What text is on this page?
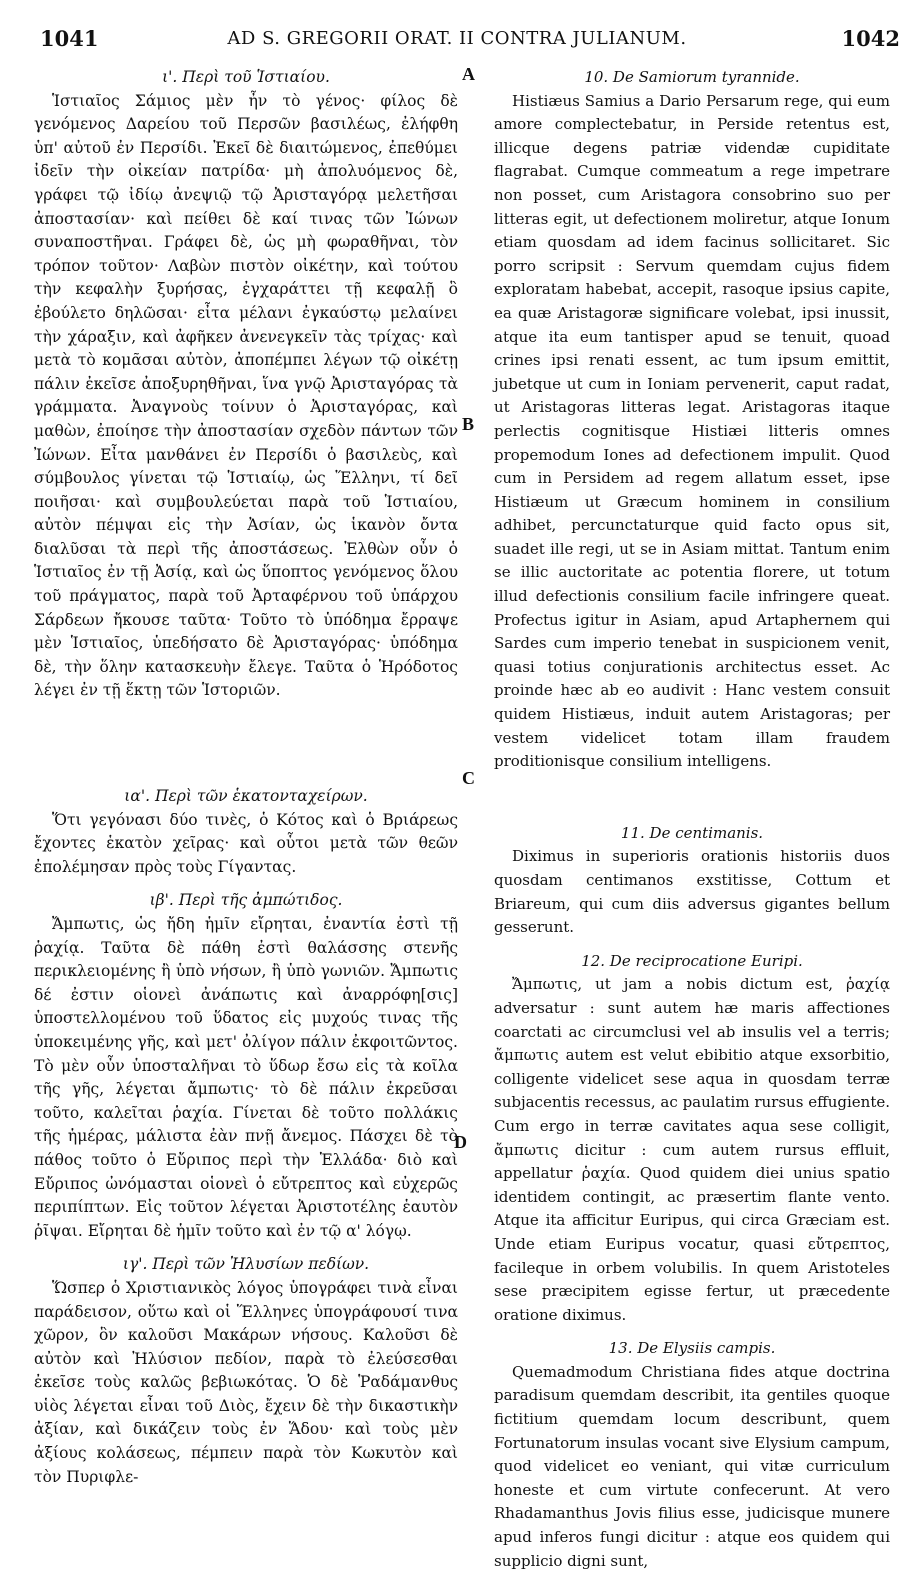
1041	AD S. GREGORII ORAT. II CONTRA JULIANUM.	1042
A
B
C
D
ι'. Περὶ τοῦ Ἱστιαίου.

Ἱστιαῖος Σάμιος μὲν ἦν τὸ γένος· φίλος δὲ γενόμενος Δαρείου τοῦ Περσῶν βασιλέως, ἐλήφθη ὑπ' αὐτοῦ ἐν Περσίδι. Ἐκεῖ δὲ διαιτώμενος, ἐπεθύμει ἰδεῖν τὴν οἰκείαν πατρίδα· μὴ ἀπολυόμενος δὲ, γράφει τῷ ἰδίῳ ἀνεψιῷ τῷ Ἀρισταγόρᾳ μελετῆσαι ἀποστασίαν· καὶ πείθει δὲ καί τινας τῶν Ἰώνων συναποστῆναι. Γράφει δὲ, ὡς μὴ φωραθῆναι, τὸν τρόπον τοῦτον· Λαβὼν πιστὸν οἰκέτην, καὶ τούτου τὴν κεφαλὴν ξυρήσας, ἐγχαράττει τῇ κεφαλῇ ὃ ἐβούλετο δηλῶσαι· εἶτα μέλανι ἐγκαύστῳ μελαίνει τὴν χάραξιν, καὶ ἀφῆκεν ἀνενεγκεῖν τὰς τρίχας· καὶ μετὰ τὸ κομᾶσαι αὐτὸν, ἀποπέμπει λέγων τῷ οἰκέτῃ πάλιν ἐκεῖσε ἀποξυρηθῆναι, ἵνα γνῷ Ἀρισταγόρας τὰ γράμματα. Ἀναγνοὺς τοίνυν ὁ Ἀρισταγόρας, καὶ μαθὼν, ἐποίησε τὴν ἀποστασίαν σχεδὸν πάντων τῶν Ἰώνων. Εἶτα μανθάνει ἐν Περσίδι ὁ βασιλεὺς, καὶ σύμβουλος γίνεται τῷ Ἱστιαίῳ, ὡς Ἕλληνι, τί δεῖ ποιῆσαι· καὶ συμβουλεύεται παρὰ τοῦ Ἱστιαίου, αὐτὸν πέμψαι εἰς τὴν Ἀσίαν, ὡς ἱκανὸν ὄντα διαλῦσαι τὰ περὶ τῆς ἀποστάσεως. Ἐλθὼν οὖν ὁ Ἱστιαῖος ἐν τῇ Ἀσίᾳ, καὶ ὡς ὕποπτος γενόμενος ὅλου τοῦ πράγματος, παρὰ τοῦ Ἀρταφέρνου τοῦ ὑπάρχου Σάρδεων ἤκουσε ταῦτα· Τοῦτο τὸ ὑπόδημα ἔρραψε μὲν Ἱστιαῖος, ὑπεδήσατο δὲ Ἀρισταγόρας· ὑπόδημα δὲ, τὴν ὅλην κατασκευὴν ἔλεγε. Ταῦτα ὁ Ἡρόδοτος λέγει ἐν τῇ ἕκτῃ τῶν Ἱστοριῶν.

ια'. Περὶ τῶν ἑκατονταχείρων.

Ὅτι γεγόνασι δύο τινὲς, ὁ Κότος καὶ ὁ Βριάρεως ἔχοντες ἑκατὸν χεῖρας· καὶ οὗτοι μετὰ τῶν θεῶν ἐπολέμησαν πρὸς τοὺς Γίγαντας.

ιβ'. Περὶ τῆς ἀμπώτιδος.

Ἄμπωτις, ὡς ἤδη ἡμῖν εἴρηται, ἐναντία ἐστὶ τῇ ῥαχίᾳ. Ταῦτα δὲ πάθη ἐστὶ θαλάσσης στενῆς περικλειομένης ἢ ὑπὸ νήσων, ἢ ὑπὸ γωνιῶν. Ἄμπωτις δέ ἐστιν οἱονεὶ ἀνάπωτις καὶ ἀναρρόφη[σις] ὑποστελλομένου τοῦ ὕδατος εἰς μυχούς τινας τῆς ὑποκειμένης γῆς, καὶ μετ' ὀλίγον πάλιν ἐκφοιτῶντος. Τὸ μὲν οὖν ὑποσταλῆναι τὸ ὕδωρ ἔσω εἰς τὰ κοῖλα τῆς γῆς, λέγεται ἄμπωτις· τὸ δὲ πάλιν ἐκρεῦσαι τοῦτο, καλεῖται ῥαχία. Γίνεται δὲ τοῦτο πολλάκις τῆς ἡμέρας, μάλιστα ἐὰν πνῇ ἄνεμος. Πάσχει δὲ τὸ πάθος τοῦτο ὁ Εὔριπος περὶ τὴν Ἑλλάδα· διὸ καὶ Εὔριπος ὠνόμασται οἱονεὶ ὁ εὔτρεπτος καὶ εὐχερῶς περιπίπτων. Εἰς τοῦτον λέγεται Ἀριστοτέλης ἑαυτὸν ῥῖψαι. Εἴρηται δὲ ἡμῖν τοῦτο καὶ ἐν τῷ α' λόγῳ.

ιγ'. Περὶ τῶν Ἠλυσίων πεδίων.

Ὥσπερ ὁ Χριστιανικὸς λόγος ὑπογράφει τινὰ εἶναι παράδεισον, οὕτω καὶ οἱ Ἕλληνες ὑπογράφουσί τινα χῶρον, ὃν καλοῦσι Μακάρων νήσους. Καλοῦσι δὲ αὐτὸν καὶ Ἠλύσιον πεδίον, παρὰ τὸ ἐλεύσεσθαι ἐκεῖσε τοὺς καλῶς βεβιωκότας. Ὁ δὲ Ῥαδάμανθυς υἱὸς λέγεται εἶναι τοῦ Διὸς, ἔχειν δὲ τὴν δικαστικὴν ἀξίαν, καὶ δικάζειν τοὺς ἐν Ἅδου· καὶ τοὺς μὲν ἀξίους κολάσεως, πέμπειν παρὰ τὸν Κωκυτὸν καὶ τὸν Πυριφλε-

10. De Samiorum tyrannide.

Histiæus Samius a Dario Persarum rege, qui eum amore complectebatur, in Perside retentus est, illicque degens patriæ videndæ cupiditate flagrabat. Cumque commeatum a rege impetrare non posset, cum Aristagora consobrino suo per litteras egit, ut defectionem moliretur, atque Ionum etiam quosdam ad idem facinus sollicitaret. Sic porro scripsit : Servum quemdam cujus fidem exploratam habebat, accepit, rasoque ipsius capite, ea quæ Aristagoræ significare volebat, ipsi inussit, atque ita eum tantisper apud se tenuit, quoad crines ipsi renati essent, ac tum ipsum emittit, jubetque ut cum in Ioniam pervenerit, caput radat, ut Aristagoras litteras legat. Aristagoras itaque perlectis cognitisque Histiæi litteris omnes propemodum Iones ad defectionem impulit. Quod cum in Persidem ad regem allatum esset, ipse Histiæum ut Græcum hominem in consilium adhibet, percunctaturque quid facto opus sit, suadet ille regi, ut se in Asiam mittat. Tantum enim se illic auctoritate ac potentia florere, ut totum illud defectionis consilium facile infringere queat. Profectus igitur in Asiam, apud Artaphernem qui Sardes cum imperio tenebat in suspicionem venit, quasi totius conjurationis architectus esset. Ac proinde hæc ab eo audivit : Hanc vestem consuit quidem Histiæus, induit autem Aristagoras; per vestem videlicet totam illam fraudem proditionisque consilium intelligens.

11. De centimanis.

Diximus in superioris orationis historiis duos quosdam centimanos exstitisse, Cottum et Briareum, qui cum diis adversus gigantes bellum gesserunt.

12. De reciprocatione Euripi.

Ἄμπωτις, ut jam a nobis dictum est, ῥαχίᾳ adversatur : sunt autem hæ maris affectiones coarctati ac circumclusi vel ab insulis vel a terris; ἄμπωτις autem est velut ebibitio atque exsorbitio, colligente videlicet sese aqua in quosdam terræ subjacentis recessus, ac paulatim rursus effugiente. Cum ergo in terræ cavitates aqua sese colligit, ἄμπωτις dicitur : cum autem rursus effluit, appellatur ῥαχία. Quod quidem diei unius spatio identidem contingit, ac præsertim flante vento. Atque ita afficitur Euripus, qui circa Græciam est. Unde etiam Euripus vocatur, quasi εὔτρεπτος, facileque in orbem volubilis. In quem Aristoteles sese præcipitem egisse fertur, ut præcedente oratione diximus.

13. De Elysiis campis.

Quemadmodum Christiana fides atque doctrina paradisum quemdam describit, ita gentiles quoque fictitium quemdam locum describunt, quem Fortunatorum insulas vocant sive Elysium campum, quod videlicet eo veniant, qui vitæ curriculum honeste et cum virtute confecerunt. At vero Rhadamanthus Jovis filius esse, judicisque munere apud inferos fungi dicitur : atque eos quidem qui supplicio digni sunt,
